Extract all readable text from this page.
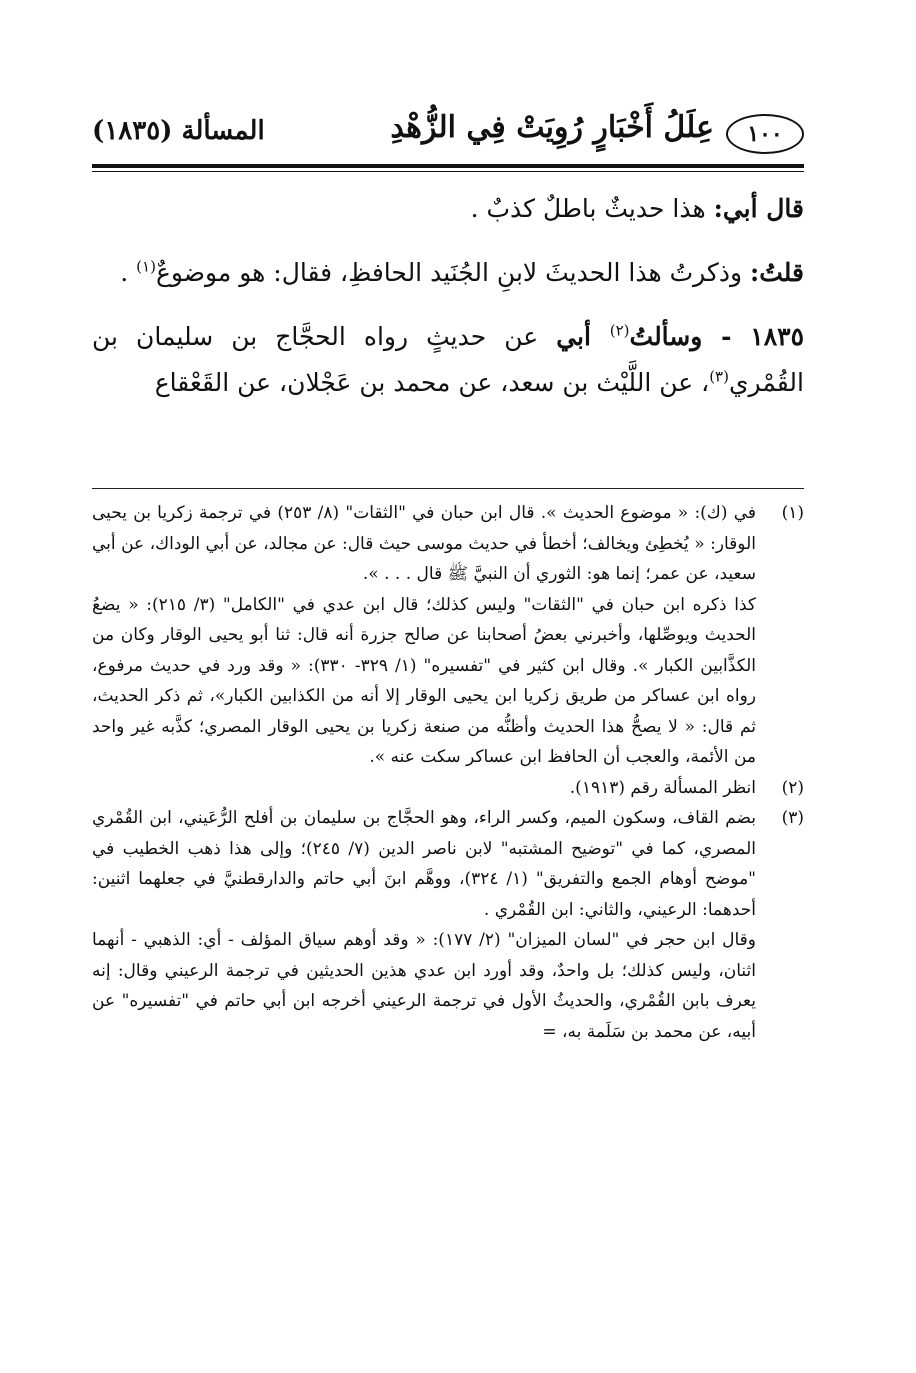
١٠٠
عِلَلُ أَخْبَارٍ رُوِيَتْ فِي الزُّهْدِ
المسألة (١٨٣٥)

قال أبي: هذا حديثٌ باطلٌ كذبٌ .

قلتُ: وذكرتُ هذا الحديثَ لابنِ الجُنَيد الحافظِ، فقال: هو موضوعٌ$^{(١)}$ .

١٨٣٥ - وسألتُ$^{(٢)}$ أبي عن حديثٍ رواه الحجَّاج بن سليمان بن القُمْري$^{(٣)}$، عن اللَّيْث بن سعد، عن محمد بن عَجْلان، عن القَعْقاع

(١)

في (ك): « موضوع الحديث ». قال ابن حبان في "الثقات" (٨/ ٢٥٣) في ترجمة زكريا بن يحيى الوقار: « يُخطِئ ويخالف؛ أخطأ في حديث موسى حيث قال: عن مجالد، عن أبي الوداك، عن أبي سعيد، عن عمر؛ إنما هو: الثوري أن النبيَّ ﷺ قال . . . ».

كذا ذكره ابن حبان في "الثقات" وليس كذلك؛ قال ابن عدي في "الكامل" (٣/ ٢١٥): « يضعُ الحديث ويوصِّلها، وأخبرني بعضُ أصحابنا عن صالح جزرة أنه قال: ثنا أبو يحيى الوقار وكان من الكذَّابين الكبار ». وقال ابن كثير في "تفسيره" (١/ ٣٢٩- ٣٣٠): « وقد ورد في حديث مرفوع، رواه ابن عساكر من طريق زكريا ابن يحيى الوقار إلا أنه من الكذابين الكبار»، ثم ذكر الحديث، ثم قال: « لا يصحُّ هذا الحديث وأظنُّه من صنعة زكريا بن يحيى الوقار المصري؛ كذَّبه غير واحد من الأئمة، والعجب أن الحافظ ابن عساكر سكت عنه ».

(٢)

انظر المسألة رقم (١٩١٣).

(٣)

بضم القاف، وسكون الميم، وكسر الراء، وهو الحجَّاج بن سليمان بن أفلح الرُّعَيني، ابن القُمْري المصري، كما في "توضيح المشتبه" لابن ناصر الدين (٧/ ٢٤٥)؛ وإلى هذا ذهب الخطيب في "موضح أوهام الجمع والتفريق" (١/ ٣٢٤)، ووهَّم ابنَ أبي حاتم والدارقطنيَّ في جعلهما اثنين: أحدهما: الرعيني، والثاني: ابن القُمْري .

وقال ابن حجر في "لسان الميزان" (٢/ ١٧٧): « وقد أوهم سياق المؤلف - أي: الذهبي - أنهما اثنان، وليس كذلك؛ بل واحدٌ، وقد أورد ابن عدي هذين الحديثين في ترجمة الرعيني وقال: إنه يعرف بابن القُمْري، والحديثُ الأول في ترجمة الرعيني أخرجه ابن أبي حاتم في "تفسيره" عن أبيه، عن محمد بن سَلَمة به، =
